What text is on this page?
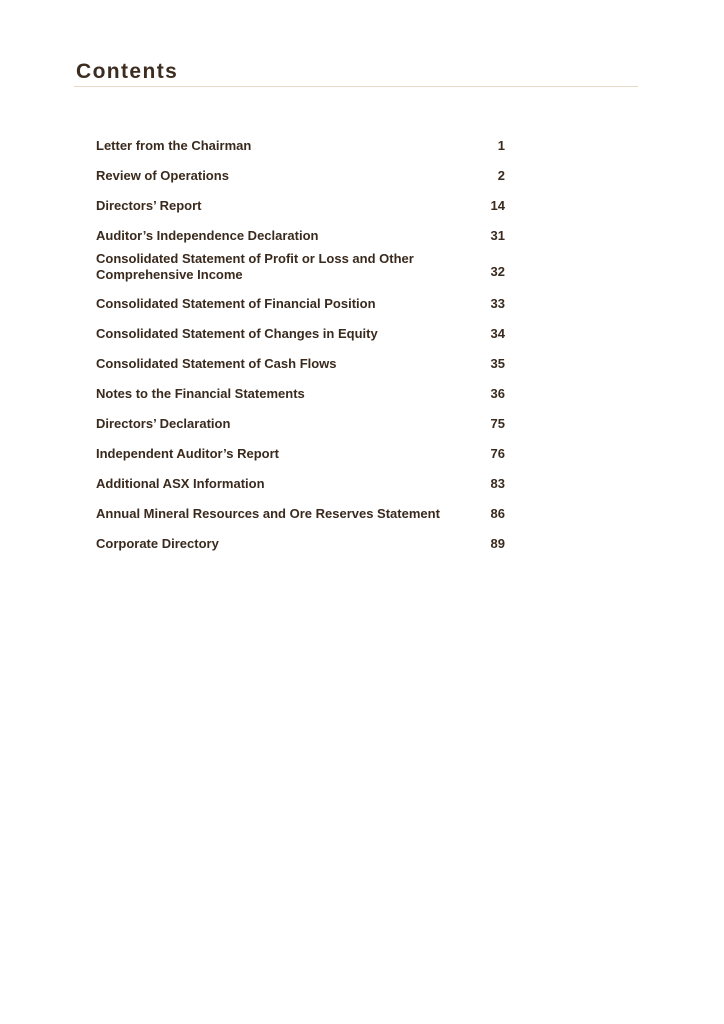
Contents
Letter from the Chairman	1
Review of Operations	2
Directors’ Report	14
Auditor’s Independence Declaration	31
Consolidated Statement of Profit or Loss and Other Comprehensive Income	32
Consolidated Statement of Financial Position	33
Consolidated Statement of Changes in Equity	34
Consolidated Statement of Cash Flows	35
Notes to the Financial Statements	36
Directors’ Declaration	75
Independent Auditor’s Report	76
Additional ASX Information	83
Annual Mineral Resources and Ore Reserves Statement	86
Corporate Directory	89
